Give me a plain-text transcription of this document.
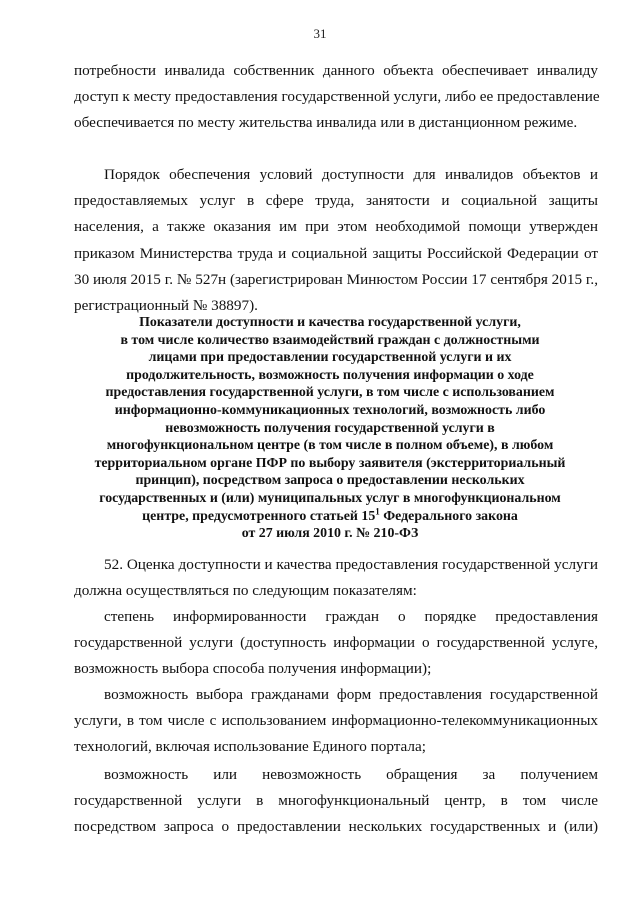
31
потребности инвалида собственник данного объекта обеспечивает инвалиду
доступ к месту предоставления государственной услуги, либо ее предоставление
обеспечивается по месту жительства инвалида или в дистанционном режиме.
Порядок обеспечения условий доступности для инвалидов объектов и
предоставляемых услуг в сфере труда, занятости и социальной защиты
населения, а также оказания им при этом необходимой помощи утвержден
приказом Министерства труда и социальной защиты Российской Федерации от
30 июля 2015 г. № 527н (зарегистрирован Минюстом России 17 сентября 2015 г.,
регистрационный № 38897).
Показатели доступности и качества государственной услуги,
в том числе количество взаимодействий граждан с должностными
лицами при предоставлении государственной услуги и их
продолжительность, возможность получения информации о ходе
предоставления государственной услуги, в том числе с использованием
информационно-коммуникационных технологий, возможность либо
невозможность получения государственной услуги в
многофункциональном центре (в том числе в полном объеме), в любом
территориальном органе ПФР по выбору заявителя (экстерриториальный
принцип), посредством запроса о предоставлении нескольких
государственных и (или) муниципальных услуг в многофункциональном
центре, предусмотренного статьей $15^1$ Федерального закона
от 27 июля 2010 г. № 210-ФЗ
52. Оценка доступности и качества предоставления государственной услуги
должна осуществляться по следующим показателям:
степень информированности граждан о порядке предоставления
государственной услуги (доступность информации о государственной услуге,
возможность выбора способа получения информации);
возможность выбора гражданами форм предоставления государственной
услуги, в том числе с использованием информационно-телекоммуникационных
технологий, включая использование Единого портала;
возможность или невозможность обращения за получением
государственной услуги в многофункциональный центр, в том числе
посредством запроса о предоставлении нескольких государственных и (или)
